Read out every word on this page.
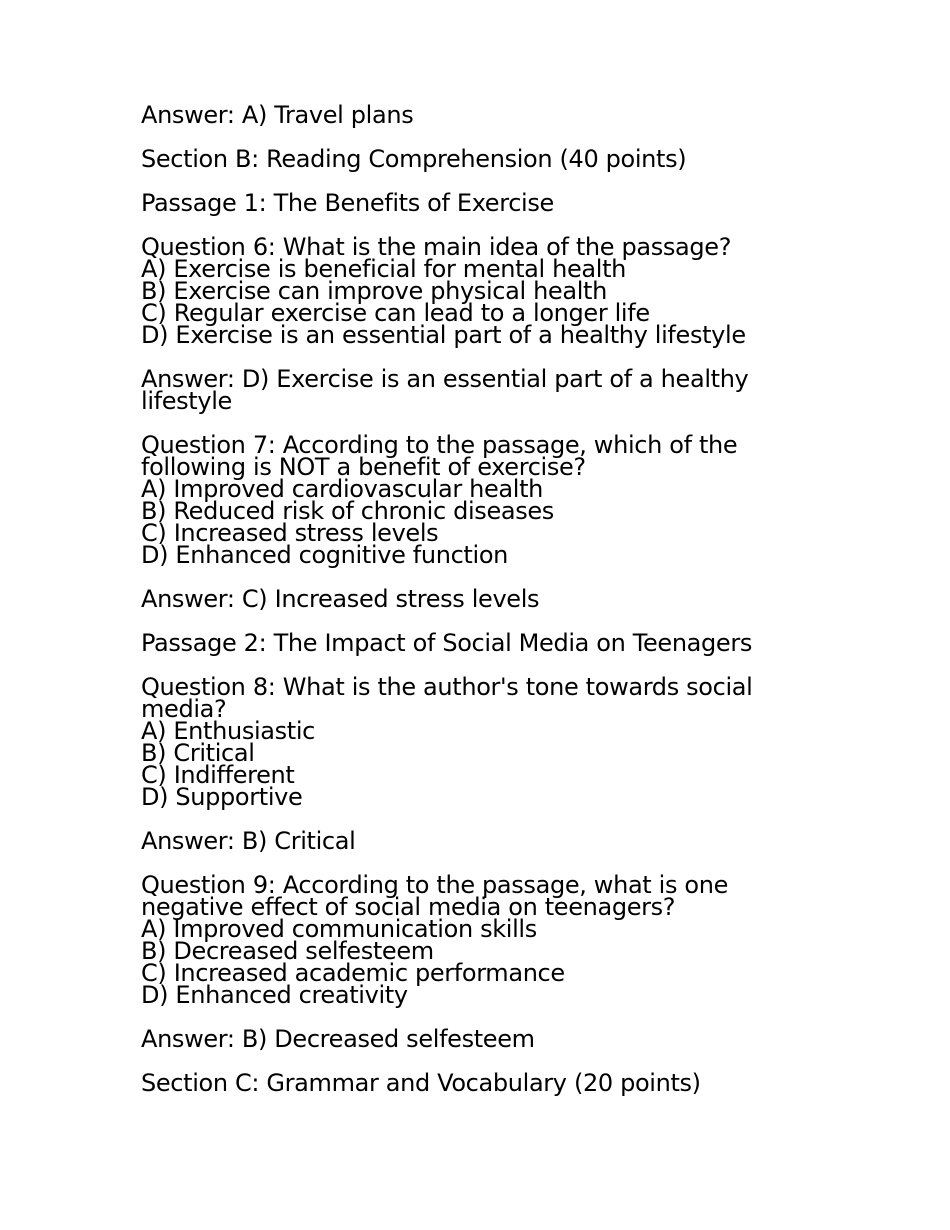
Answer: A) Travel plans
Section B: Reading Comprehension (40 points)
Passage 1: The Benefits of Exercise
Question 6: What is the main idea of the passage?
A) Exercise is beneficial for mental health
B) Exercise can improve physical health
C) Regular exercise can lead to a longer life
D) Exercise is an essential part of a healthy lifestyle
Answer: D) Exercise is an essential part of a healthy
lifestyle
Question 7: According to the passage, which of the
following is NOT a benefit of exercise?
A) Improved cardiovascular health
B) Reduced risk of chronic diseases
C) Increased stress levels
D) Enhanced cognitive function
Answer: C) Increased stress levels
Passage 2: The Impact of Social Media on Teenagers
Question 8: What is the author's tone towards social
media?
A) Enthusiastic
B) Critical
C) Indifferent
D) Supportive
Answer: B) Critical
Question 9: According to the passage, what is one
negative effect of social media on teenagers?
A) Improved communication skills
B) Decreased selfesteem
C) Increased academic performance
D) Enhanced creativity
Answer: B) Decreased selfesteem
Section C: Grammar and Vocabulary (20 points)
